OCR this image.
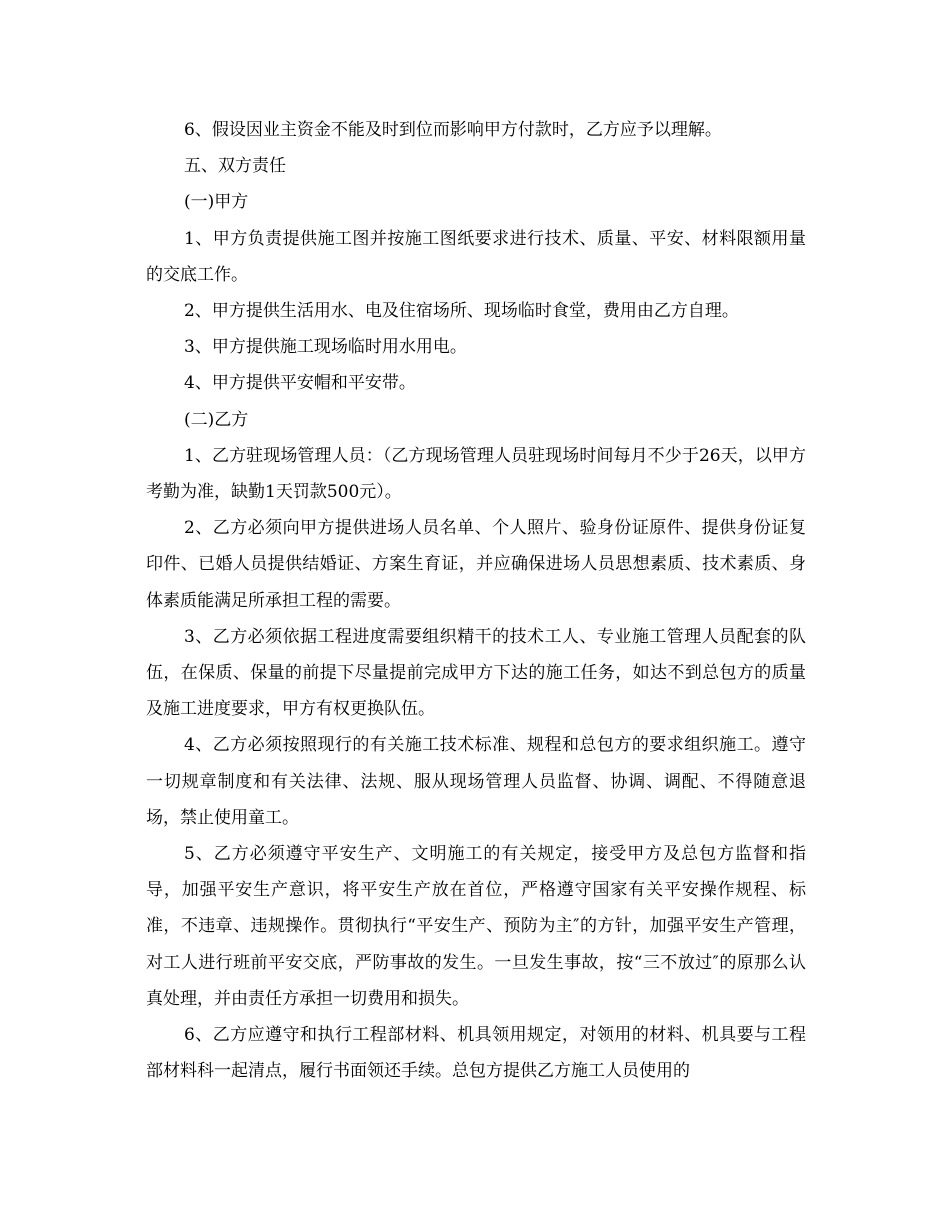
6、假设因业主资金不能及时到位而影响甲方付款时，乙方应予以理解。

五、双方责任

(一)甲方

1、甲方负责提供施工图并按施工图纸要求进行技术、质量、平安、材料限额用量的交底工作。

2、甲方提供生活用水、电及住宿场所、现场临时食堂，费用由乙方自理。

3、甲方提供施工现场临时用水用电。

4、甲方提供平安帽和平安带。

(二)乙方

1、乙方驻现场管理人员：（乙方现场管理人员驻现场时间每月不少于26天，以甲方考勤为准，缺勤1天罚款500元）。

2、乙方必须向甲方提供进场人员名单、个人照片、验身份证原件、提供身份证复印件、已婚人员提供结婚证、方案生育证，并应确保进场人员思想素质、技术素质、身体素质能满足所承担工程的需要。

3、乙方必须依据工程进度需要组织精干的技术工人、专业施工管理人员配套的队伍，在保质、保量的前提下尽量提前完成甲方下达的施工任务，如达不到总包方的质量及施工进度要求，甲方有权更换队伍。

4、乙方必须按照现行的有关施工技术标准、规程和总包方的要求组织施工。遵守一切规章制度和有关法律、法规、服从现场管理人员监督、协调、调配、不得随意退场，禁止使用童工。

5、乙方必须遵守平安生产、文明施工的有关规定，接受甲方及总包方监督和指导，加强平安生产意识，将平安生产放在首位，严格遵守国家有关平安操作规程、标准，不违章、违规操作。贯彻执行“平安生产、预防为主″的方针，加强平安生产管理，对工人进行班前平安交底，严防事故的发生。一旦发生事故，按“三不放过″的原那么认真处理，并由责任方承担一切费用和损失。

6、乙方应遵守和执行工程部材料、机具领用规定，对领用的材料、机具要与工程部材料科一起清点，履行书面领还手续。总包方提供乙方施工人员使用的
